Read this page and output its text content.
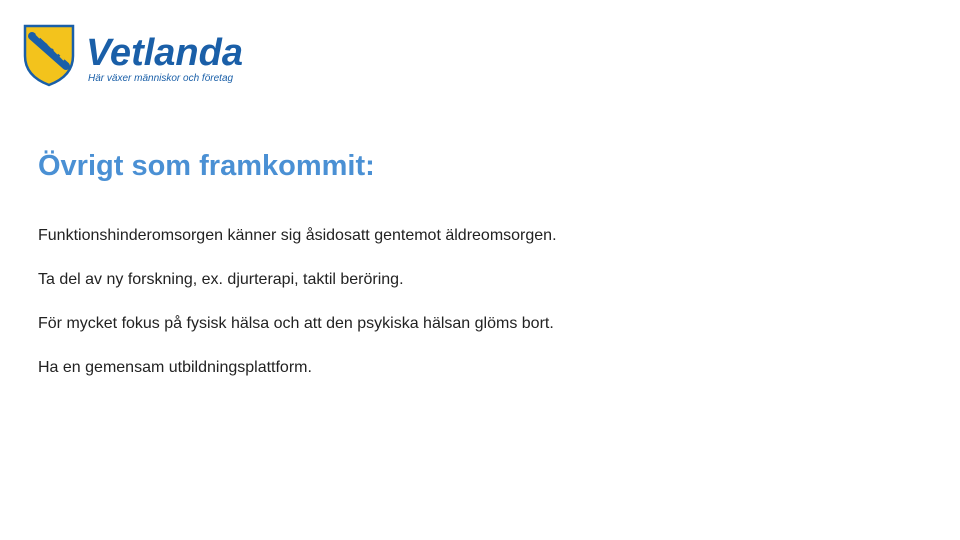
Vetlanda
Här växer människor och företag
Övrigt som framkommit:
Funktionshinderomsorgen känner sig åsidosatt gentemot äldreomsorgen.
Ta del av ny forskning, ex. djurterapi, taktil beröring.
För mycket fokus på fysisk hälsa och att den psykiska hälsan glöms bort.
Ha en gemensam utbildningsplattform.
